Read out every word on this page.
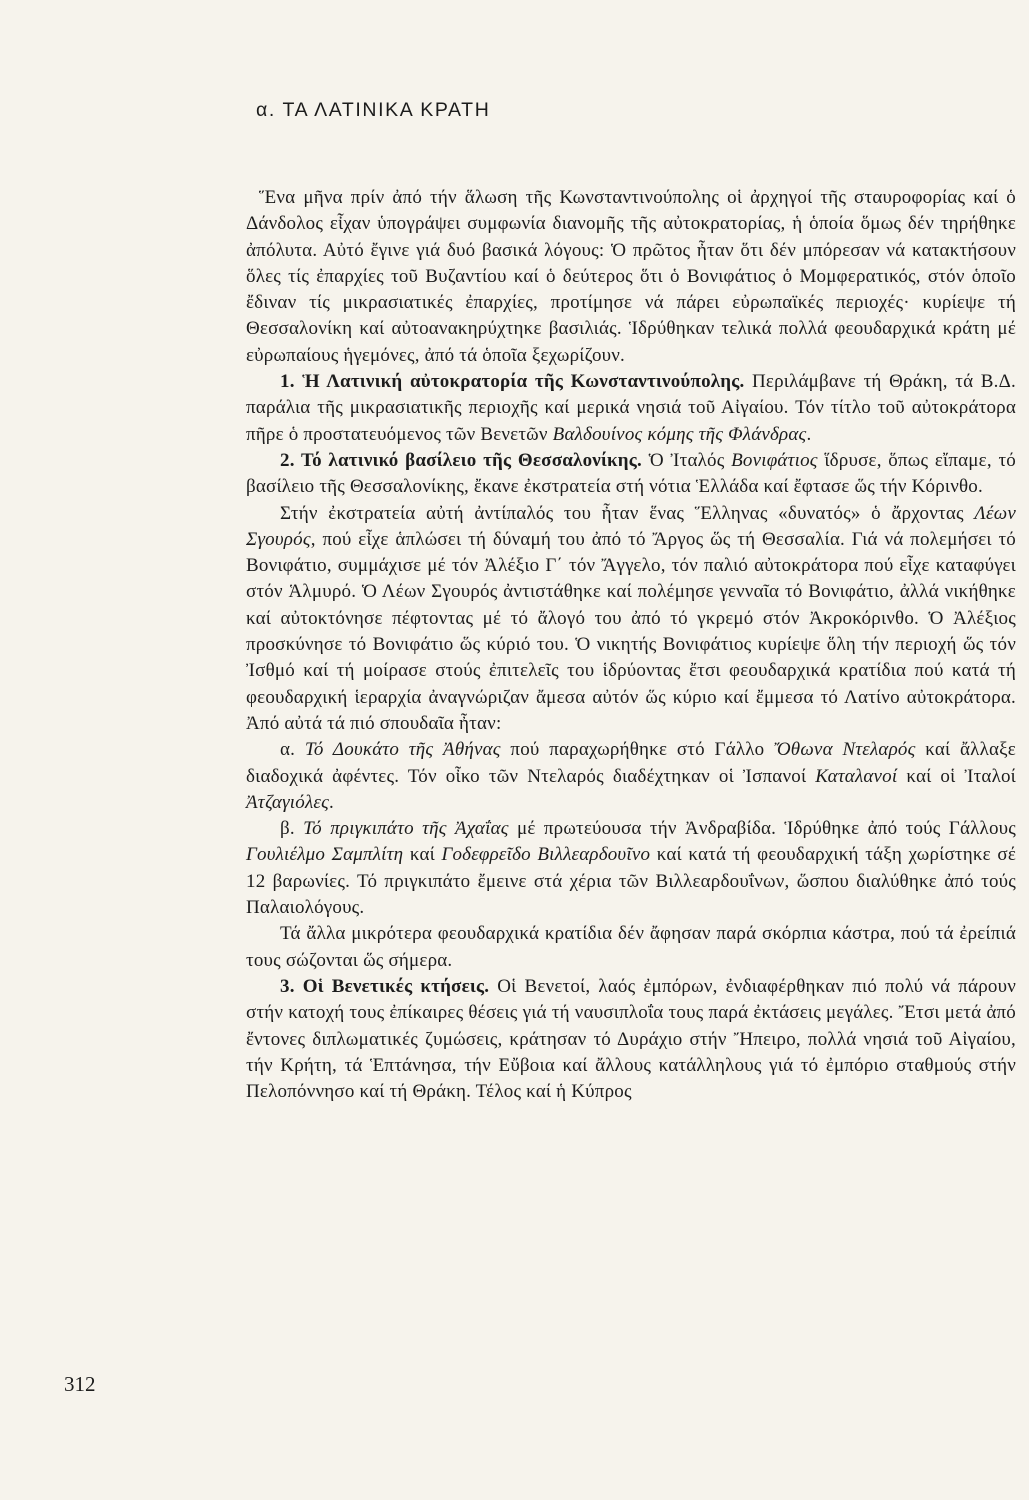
α. ΤΑ ΛΑΤΙΝΙΚΑ ΚΡΑΤΗ

Ἕνα μῆνα πρίν ἀπό τήν ἅλωση τῆς Κωνσταντινούπολης οἱ ἀρχηγοί τῆς σταυροφορίας καί ὁ Δάνδολος εἶχαν ὑπογράψει συμφωνία διανομῆς τῆς αὐτοκρατορίας, ἡ ὁποία ὅμως δέν τηρήθηκε ἀπόλυτα. Αὐτό ἔγινε γιά δυό βασικά λόγους: Ὁ πρῶτος ἦταν ὅτι δέν μπόρεσαν νά κατακτήσουν ὅλες τίς ἐπαρχίες τοῦ Βυζαντίου καί ὁ δεύτερος ὅτι ὁ Βονιφάτιος ὁ Μομφερατικός, στόν ὁποῖο ἔδιναν τίς μικρασιατικές ἐπαρχίες, προτίμησε νά πάρει εὐρωπαϊκές περιοχές· κυρίεψε τή Θεσσαλονίκη καί αὐτοανακηρύχτηκε βασιλιάς. Ἱδρύθηκαν τελικά πολλά φεουδαρχικά κράτη μέ εὐρωπαίους ἡγεμόνες, ἀπό τά ὁποῖα ξεχωρίζουν.

1. Ἡ Λατινική αὐτοκρατορία τῆς Κωνσταντινούπολης. Περιλάμβανε τή Θράκη, τά Β.Δ. παράλια τῆς μικρασιατικῆς περιοχῆς καί μερικά νησιά τοῦ Αἰγαίου. Τόν τίτλο τοῦ αὐτοκράτορα πῆρε ὁ προστατευόμενος τῶν Βενετῶν Βαλδουίνος κόμης τῆς Φλάνδρας.

2. Τό λατινικό βασίλειο τῆς Θεσσαλονίκης. Ὁ Ἰταλός Βονιφάτιος ἵδρυσε, ὅπως εἴπαμε, τό βασίλειο τῆς Θεσσαλονίκης, ἔκανε ἐκστρατεία στή νότια Ἑλλάδα καί ἔφτασε ὥς τήν Κόρινθο.

Στήν ἐκστρατεία αὐτή ἀντίπαλός του ἦταν ἕνας Ἕλληνας «δυνατός» ὁ ἄρχοντας Λέων Σγουρός, πού εἶχε ἁπλώσει τή δύναμή του ἀπό τό Ἄργος ὥς τή Θεσσαλία. Γιά νά πολεμήσει τό Βονιφάτιο, συμμάχισε μέ τόν Ἀλέξιο Γ΄ τόν Ἄγγελο, τόν παλιό αὐτοκράτορα πού εἶχε καταφύγει στόν Ἁλμυρό. Ὁ Λέων Σγουρός ἀντιστάθηκε καί πολέμησε γενναῖα τό Βονιφάτιο, ἀλλά νικήθηκε καί αὐτοκτόνησε πέφτοντας μέ τό ἄλογό του ἀπό τό γκρεμό στόν Ἀκροκόρινθο. Ὁ Ἀλέξιος προσκύνησε τό Βονιφάτιο ὥς κύριό του. Ὁ νικητής Βονιφάτιος κυρίεψε ὅλη τήν περιοχή ὥς τόν Ἰσθμό καί τή μοίρασε στούς ἐπιτελεῖς του ἱδρύοντας ἔτσι φεουδαρχικά κρατίδια πού κατά τή φεουδαρχική ἱεραρχία ἀναγνώριζαν ἄμεσα αὐτόν ὥς κύριο καί ἔμμεσα τό Λατίνο αὐτοκράτορα. Ἀπό αὐτά τά πιό σπουδαῖα ἦταν:

α. Τό Δουκάτο τῆς Ἀθήνας πού παραχωρήθηκε στό Γάλλο Ὄθωνα Ντελαρός καί ἄλλαξε διαδοχικά ἀφέντες. Τόν οἶκο τῶν Ντελαρός διαδέχτηκαν οἱ Ἰσπανοί Καταλανοί καί οἱ Ἰταλοί Ἀτζαγιόλες.

β. Τό πριγκιπάτο τῆς Ἀχαΐας μέ πρωτεύουσα τήν Ἀνδραβίδα. Ἱδρύθηκε ἀπό τούς Γάλλους Γουλιέλμο Σαμπλίτη καί Γοδεφρεῖδο Βιλλεαρδουῖνο καί κατά τή φεουδαρχική τάξη χωρίστηκε σέ 12 βαρωνίες. Τό πριγκιπάτο ἔμεινε στά χέρια τῶν Βιλλεαρδουΐνων, ὥσπου διαλύθηκε ἀπό τούς Παλαιολόγους.

Τά ἄλλα μικρότερα φεουδαρχικά κρατίδια δέν ἄφησαν παρά σκόρπια κάστρα, πού τά ἐρείπιά τους σώζονται ὥς σήμερα.

3. Οἱ Βενετικές κτήσεις. Οἱ Βενετοί, λαός ἐμπόρων, ἐνδιαφέρθηκαν πιό πολύ νά πάρουν στήν κατοχή τους ἐπίκαιρες θέσεις γιά τή ναυσιπλοΐα τους παρά ἐκτάσεις μεγάλες. Ἔτσι μετά ἀπό ἔντονες διπλωματικές ζυμώσεις, κράτησαν τό Δυράχιο στήν Ἤπειρο, πολλά νησιά τοῦ Αἰγαίου, τήν Κρήτη, τά Ἑπτάνησα, τήν Εὔβοια καί ἄλλους κατάλληλους γιά τό ἐμπόριο σταθμούς στήν Πελοπόννησο καί τή Θράκη. Τέλος καί ἡ Κύπρος

312
